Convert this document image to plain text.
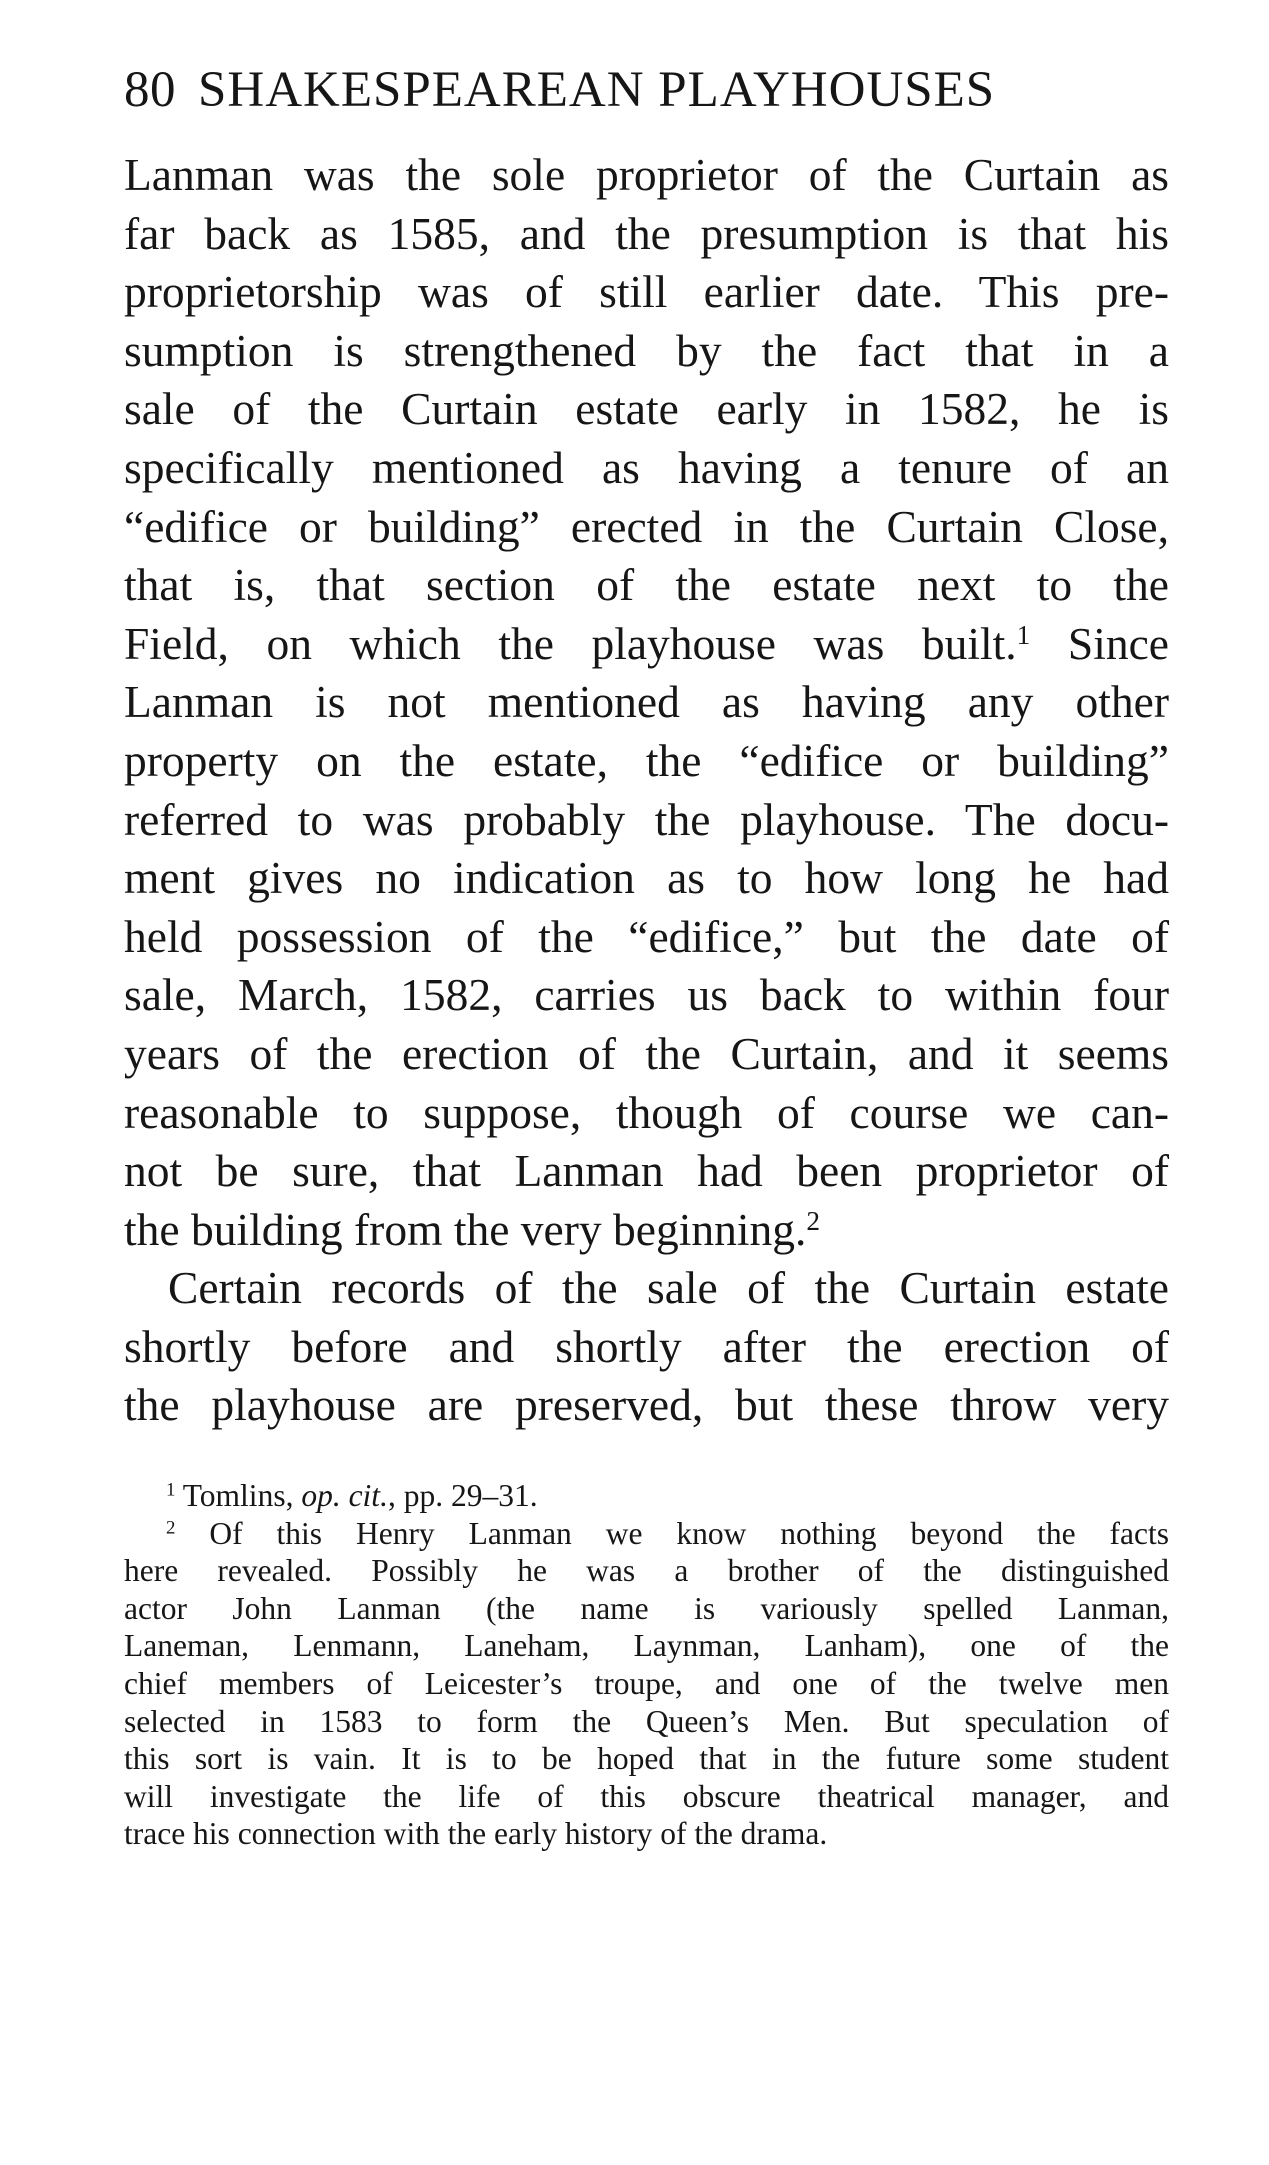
80 SHAKESPEAREAN PLAYHOUSES
Lanman was the sole proprietor of the Curtain as
far back as 1585, and the presumption is that his
proprietorship was of still earlier date. This pre-
sumption is strengthened by the fact that in a
sale of the Curtain estate early in 1582, he is
specifically mentioned as having a tenure of an
“edifice or building” erected in the Curtain Close,
that is, that section of the estate next to the
Field, on which the playhouse was built.$^1$ Since
Lanman is not mentioned as having any other
property on the estate, the “edifice or building”
referred to was probably the playhouse. The docu-
ment gives no indication as to how long he had
held possession of the “edifice,” but the date of
sale, March, 1582, carries us back to within four
years of the erection of the Curtain, and it seems
reasonable to suppose, though of course we can-
not be sure, that Lanman had been proprietor of
the building from the very beginning.$^2$
Certain records of the sale of the Curtain estate
shortly before and shortly after the erection of
the playhouse are preserved, but these throw very
$^1$ Tomlins, op. cit., pp. 29–31.
$^2$ Of this Henry Lanman we know nothing beyond the facts
here revealed. Possibly he was a brother of the distinguished
actor John Lanman (the name is variously spelled Lanman,
Laneman, Lenmann, Laneham, Laynman, Lanham), one of the
chief members of Leicester’s troupe, and one of the twelve men
selected in 1583 to form the Queen’s Men. But speculation of
this sort is vain. It is to be hoped that in the future some student
will investigate the life of this obscure theatrical manager, and
trace his connection with the early history of the drama.
